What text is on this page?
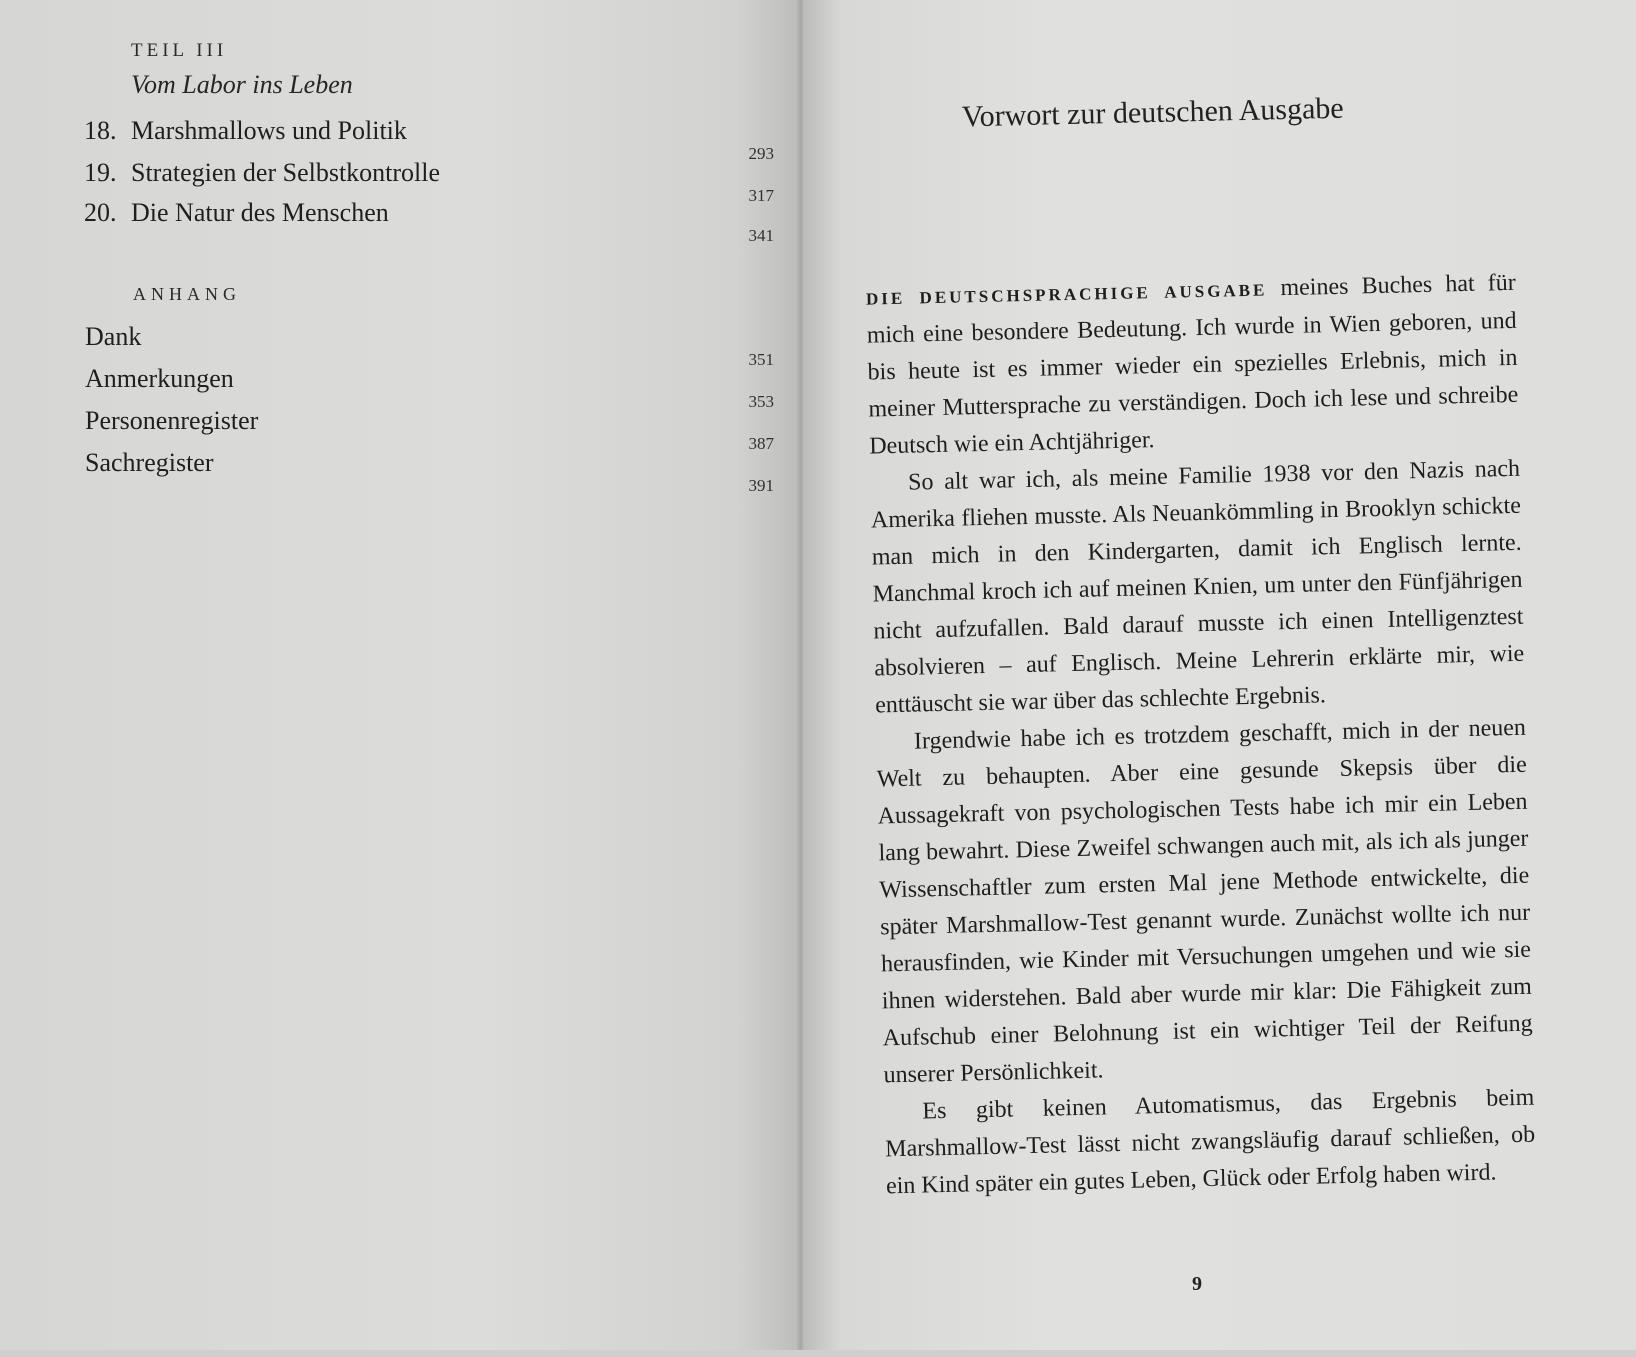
TEIL III
Vom Labor ins Leben
18. Marshmallows und Politik
293
19. Strategien der Selbstkontrolle
317
20. Die Natur des Menschen
341
ANHANG
Dank
351
Anmerkungen
353
Personenregister
387
Sachregister
391
Vorwort zur deutschen Ausgabe

DIE DEUTSCHSPRACHIGE AUSGABE meines Buches hat für mich eine besondere Bedeutung. Ich wurde in Wien geboren, und bis heute ist es immer wieder ein spezielles Erlebnis, mich in meiner Muttersprache zu verständigen. Doch ich lese und schreibe Deutsch wie ein Achtjähriger.

So alt war ich, als meine Familie 1938 vor den Nazis nach Amerika fliehen musste. Als Neuankömmling in Brooklyn schickte man mich in den Kindergarten, damit ich Englisch lernte. Manchmal kroch ich auf meinen Knien, um unter den Fünfjährigen nicht aufzufallen. Bald darauf musste ich einen Intelligenztest absolvieren – auf Englisch. Meine Lehrerin erklärte mir, wie enttäuscht sie war über das schlechte Ergebnis.

Irgendwie habe ich es trotzdem geschafft, mich in der neuen Welt zu behaupten. Aber eine gesunde Skepsis über die Aussagekraft von psychologischen Tests habe ich mir ein Leben lang bewahrt. Diese Zweifel schwangen auch mit, als ich als junger Wissenschaftler zum ersten Mal jene Methode entwickelte, die später Marshmallow-Test genannt wurde. Zunächst wollte ich nur herausfinden, wie Kinder mit Versuchungen umgehen und wie sie ihnen widerstehen. Bald aber wurde mir klar: Die Fähigkeit zum Aufschub einer Belohnung ist ein wichtiger Teil der Reifung unserer Persönlichkeit.

Es gibt keinen Automatismus, das Ergebnis beim Marshmallow-Test lässt nicht zwangsläufig darauf schließen, ob ein Kind später ein gutes Leben, Glück oder Erfolg haben wird.

9
